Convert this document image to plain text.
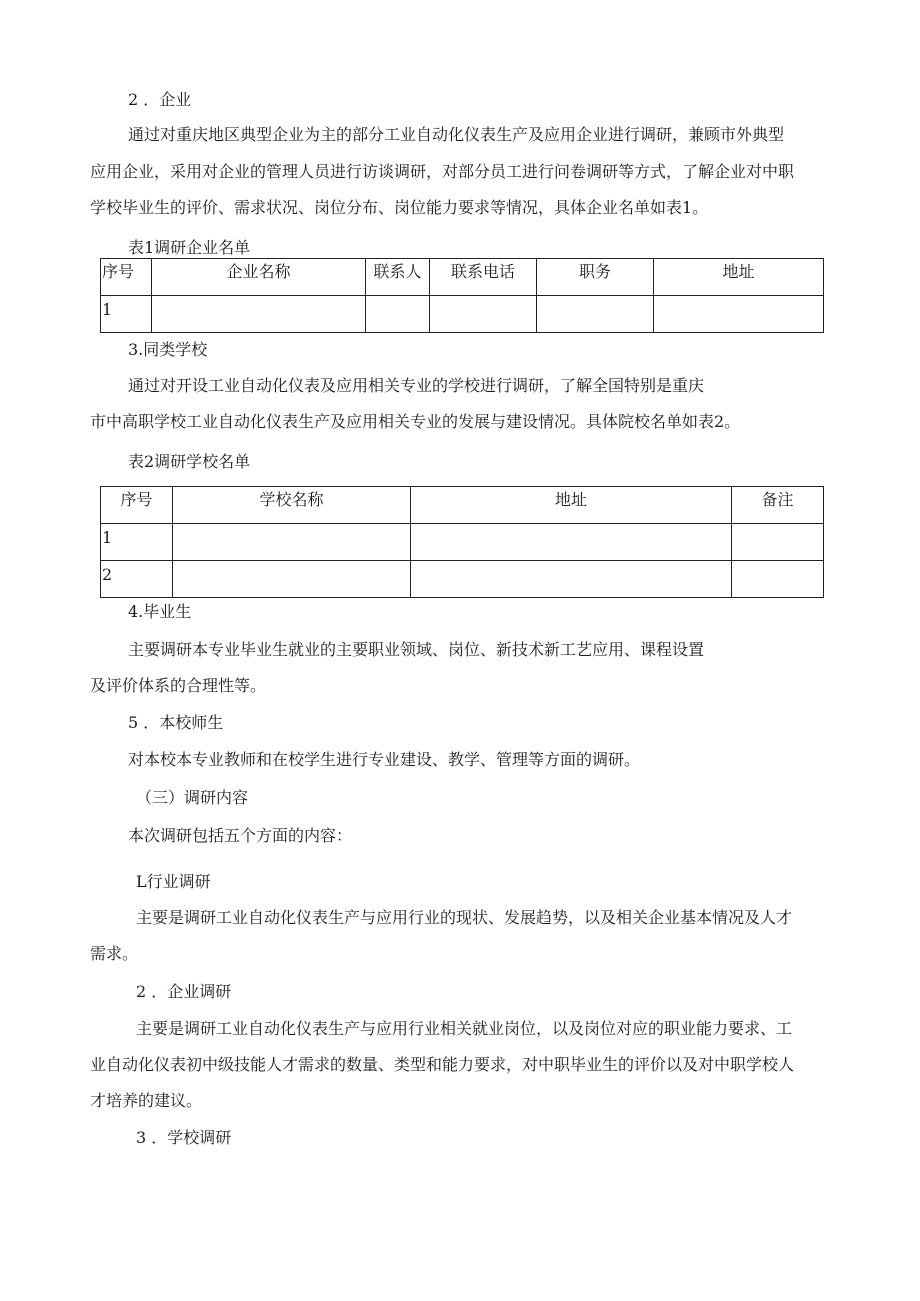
2 ．企业
通过对重庆地区典型企业为主的部分工业自动化仪表生产及应用企业进行调研，兼顾市外典型
应用企业，采用对企业的管理人员进行访谈调研，对部分员工进行问卷调研等方式，了解企业对中职
学校毕业生的评价、需求状况、岗位分布、岗位能力要求等情况，具体企业名单如表1。
表1调研企业名单
序号	企业名称	联系人	联系电话	职务	地址
1					
3.同类学校
通过对开设工业自动化仪表及应用相关专业的学校进行调研，了解全国特别是重庆
市中高职学校工业自动化仪表生产及应用相关专业的发展与建设情况。具体院校名单如表2。
表2调研学校名单
序号	学校名称	地址	备注
1			
2			
4.毕业生
主要调研本专业毕业生就业的主要职业领域、岗位、新技术新工艺应用、课程设置
及评价体系的合理性等。
5 ．本校师生
对本校本专业教师和在校学生进行专业建设、教学、管理等方面的调研。
（三）调研内容
本次调研包括五个方面的内容：
L行业调研
主要是调研工业自动化仪表生产与应用行业的现状、发展趋势，以及相关企业基本情况及人才
需求。
2 ．企业调研
主要是调研工业自动化仪表生产与应用行业相关就业岗位，以及岗位对应的职业能力要求、工
业自动化仪表初中级技能人才需求的数量、类型和能力要求，对中职毕业生的评价以及对中职学校人
才培养的建议。
3 ．学校调研
